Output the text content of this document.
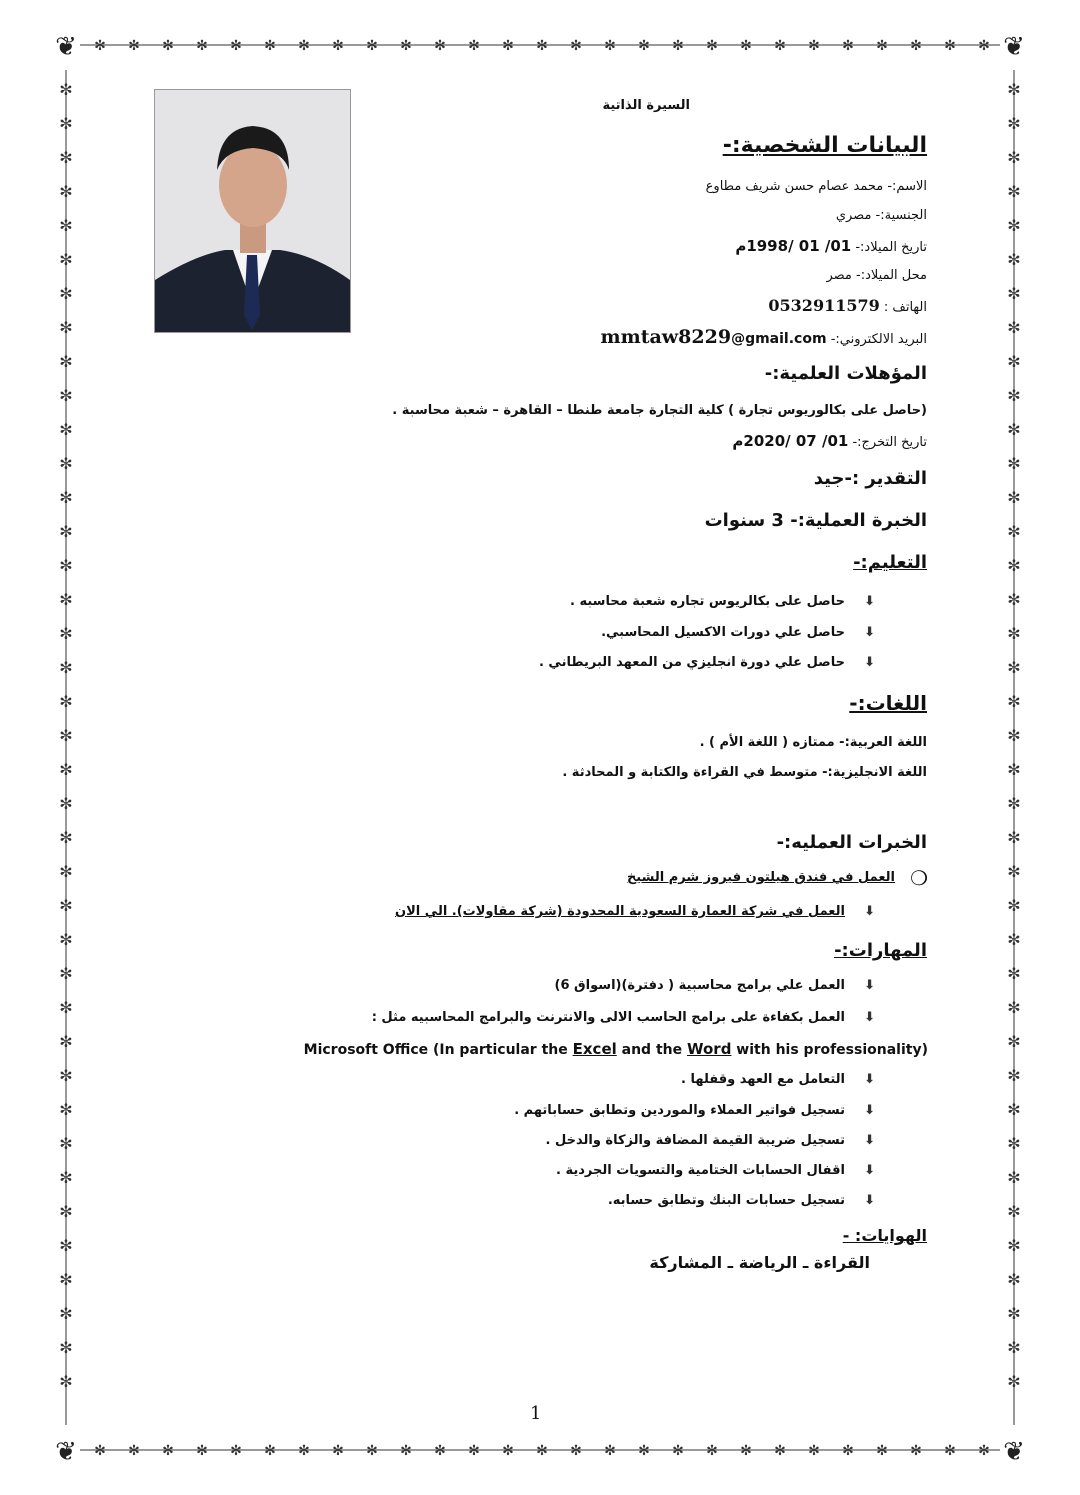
✻
✻
✻
✻
✻
✻
✻
✻
✻
✻
✻
✻
✻
✻
✻
✻
✻
✻
✻
✻
✻
✻
✻
✻
✻
✻
✻
✻
✻
✻
✻
✻
✻
✻
✻
✻
✻
✻
✻
✻
✻
✻
✻
✻
✻
✻
✻
✻
✻
✻
✻
✻
✻
✻
✼	✼
✼	✼
✼	✼
✼	✼
✼	✼
✼	✼
✼	✼
✼	✼
✼	✼
✼	✼
✼	✼
✼	✼
✼	✼
✼	✼
✼	✼
✼	✼
✼	✼
✼	✼
✼	✼
✼	✼
✼	✼
✼	✼
✼	✼
✼	✼
✼	✼
✼	✼
✼	✼
✼	✼
✼	✼
✼	✼
✼	✼
✼	✼
✼	✼
✼	✼
✼	✼
✼	✼
✼	✼
✼	✼
✼	✼
❦	❦
❦	❦
السيرة الذاتية
البيانات الشخصية:-
الاسم:- محمد عصام حسن شريف مطاوع
الجنسية:- مصري
تاريخ الميلاد:- 01/ 01 /1998م
محل الميلاد:- مصر
الهاتف : 0532911579
البريد الالكتروني:- mmtaw8229@gmail.com
المؤهلات العلمية:-
(حاصل على بكالوريوس تجارة ) كلية التجارة جامعة طنطا – القاهرة – شعبة محاسبة .
تاريخ التخرج:- 01/ 07 /2020م
التقدير :-جيد
الخبرة العملية:- 3 سنوات
التعليم:-
⬇حاصل على بكالريوس تجاره شعبة محاسبه .
⬇حاصل علي دورات الاكسيل المحاسبي.
⬇حاصل علي دورة انجليزي من المعهد البريطاني .
اللغات:-
اللغة العربية:- ممتازه ( اللغة الأم ) .
اللغة الانجليزية:- متوسط في القراءة والكتابة و المحادثة .
الخبرات العمليه:-
العمل في فندق هيلتون فيروز شرم الشيخ ❍
⬇العمل في شركة العمارة السعودية المحدودة (شركة مقاولات). الي الان
المهارات:-
⬇العمل علي برامج محاسبية ( دفترة)(اسواق 6)
⬇العمل بكفاءة على برامج الحاسب الالى والانترنت والبرامج المحاسبيه مثل :
Microsoft Office (In particular the Excel and the Word with his professionality)
⬇التعامل مع العهد وقفلها .
⬇تسجيل فواتير العملاء والموردين وتطابق حساباتهم .
⬇تسجيل ضريبة القيمة المضافة والزكاة والدخل .
⬇اقفال الحسابات الختامية والتسويات الجردية .
⬇تسجيل حسابات البنك وتطابق حسابه.
الهوايات: -
القراءة ـ الرياضة ـ المشاركة
1
